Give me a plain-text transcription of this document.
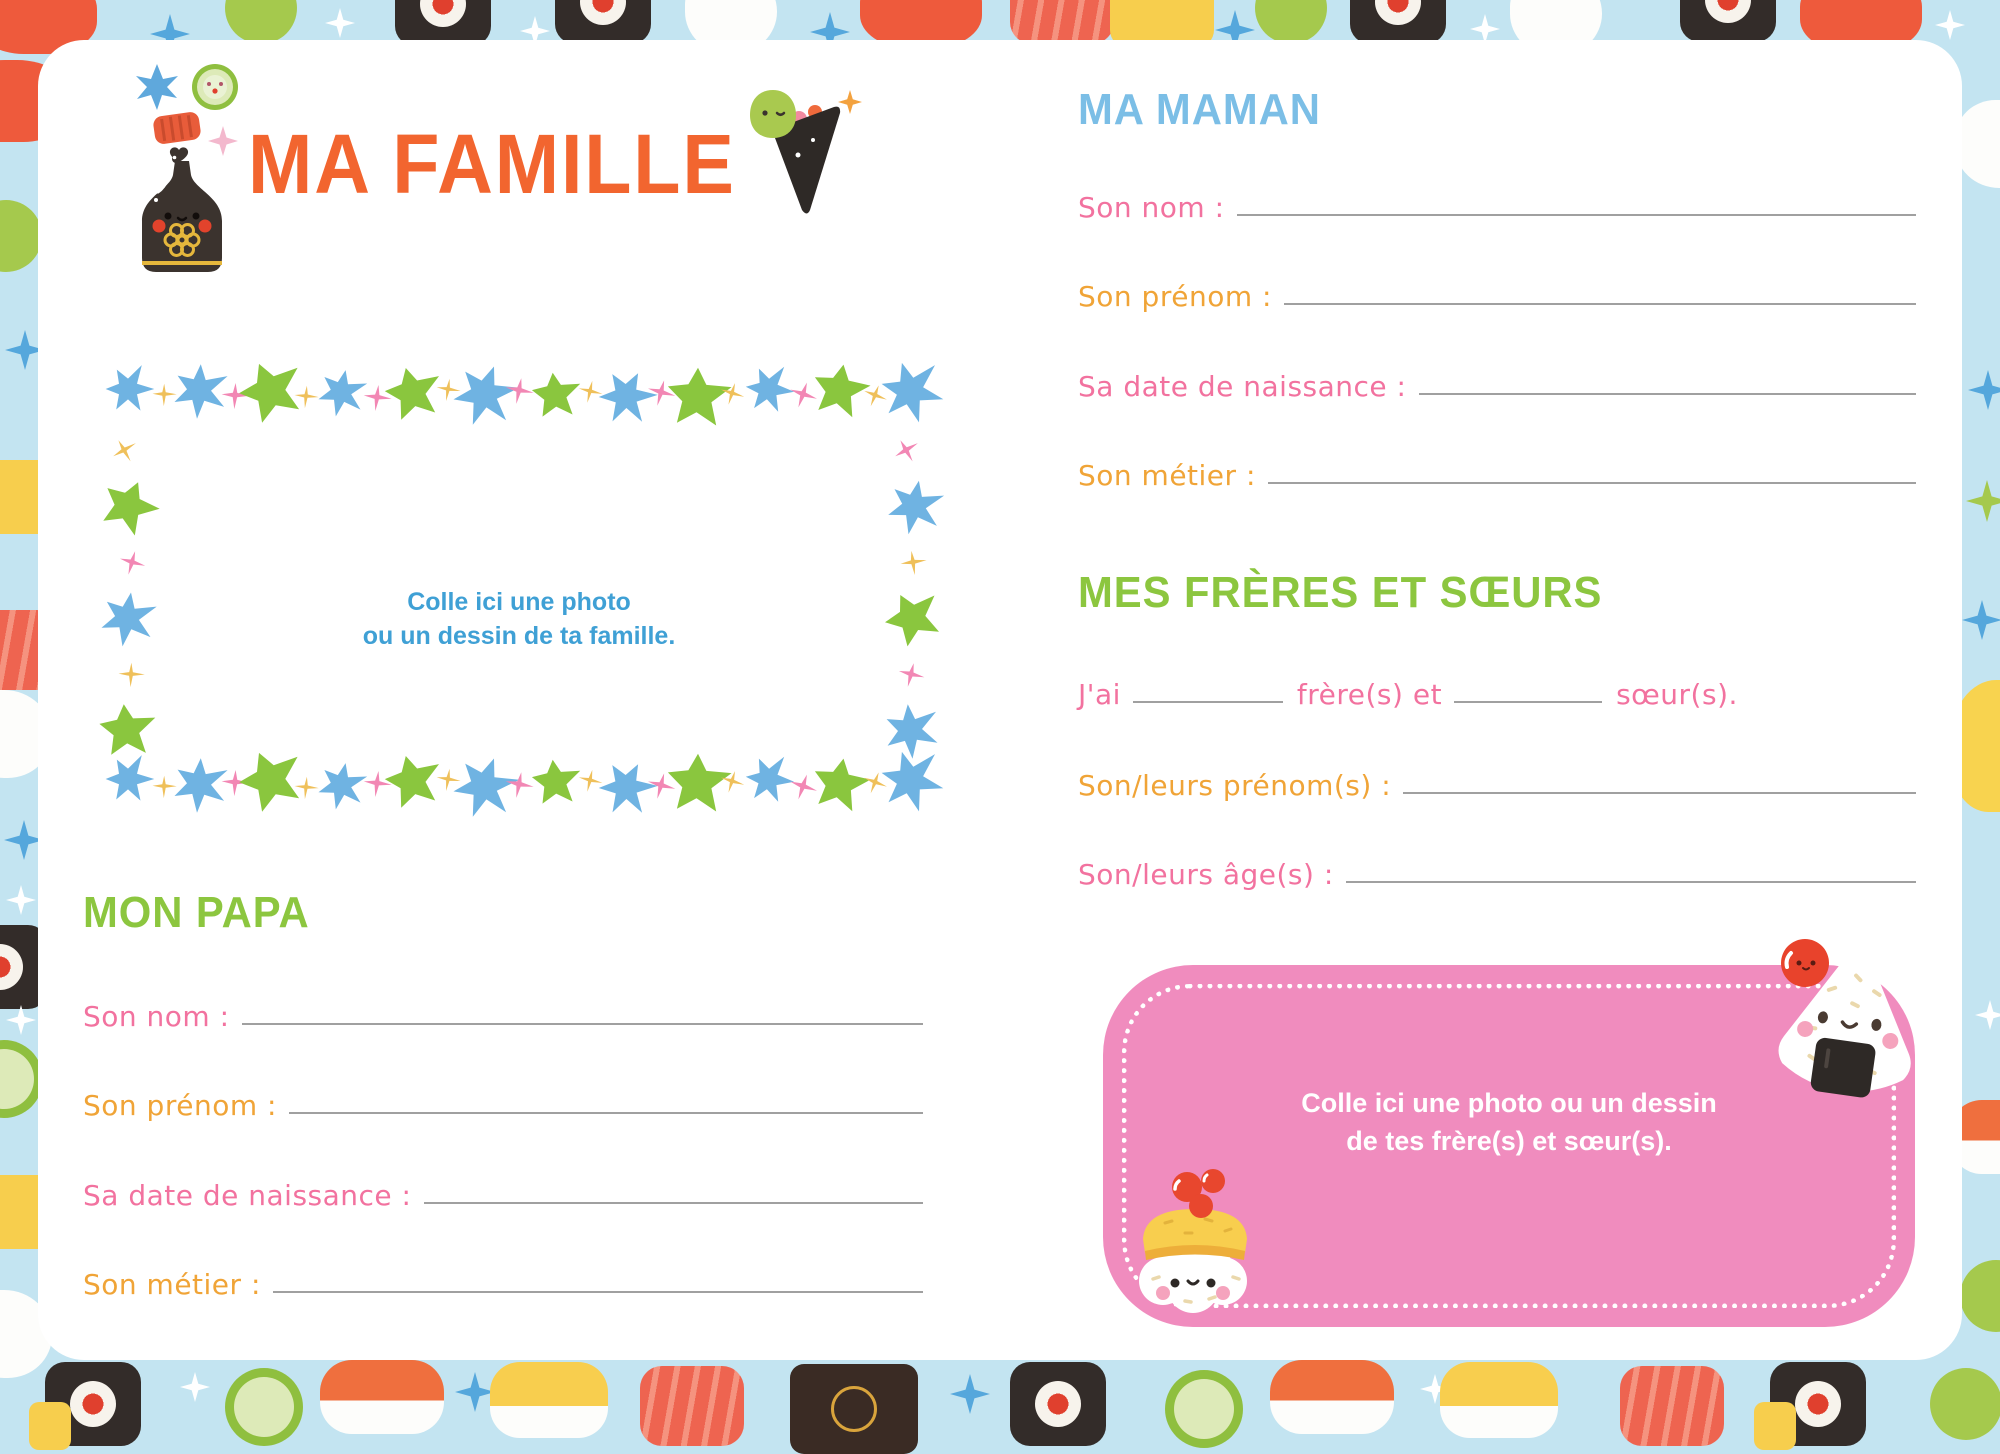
MA FAMILLE

Colle ici une photo

ou un dessin de ta famille.

MON PAPA
Son nom :
Son prénom :
Sa date de naissance :
Son métier :
MA MAMAN
Son nom :
Son prénom :
Sa date de naissance :
Son métier :
MES FRÈRES ET SŒURS
J'ai	frère(s) et	sœur(s).
Son/leurs prénom(s) :
Son/leurs âge(s) :

Colle ici une photo ou un dessin

de tes frère(s) et sœur(s).
